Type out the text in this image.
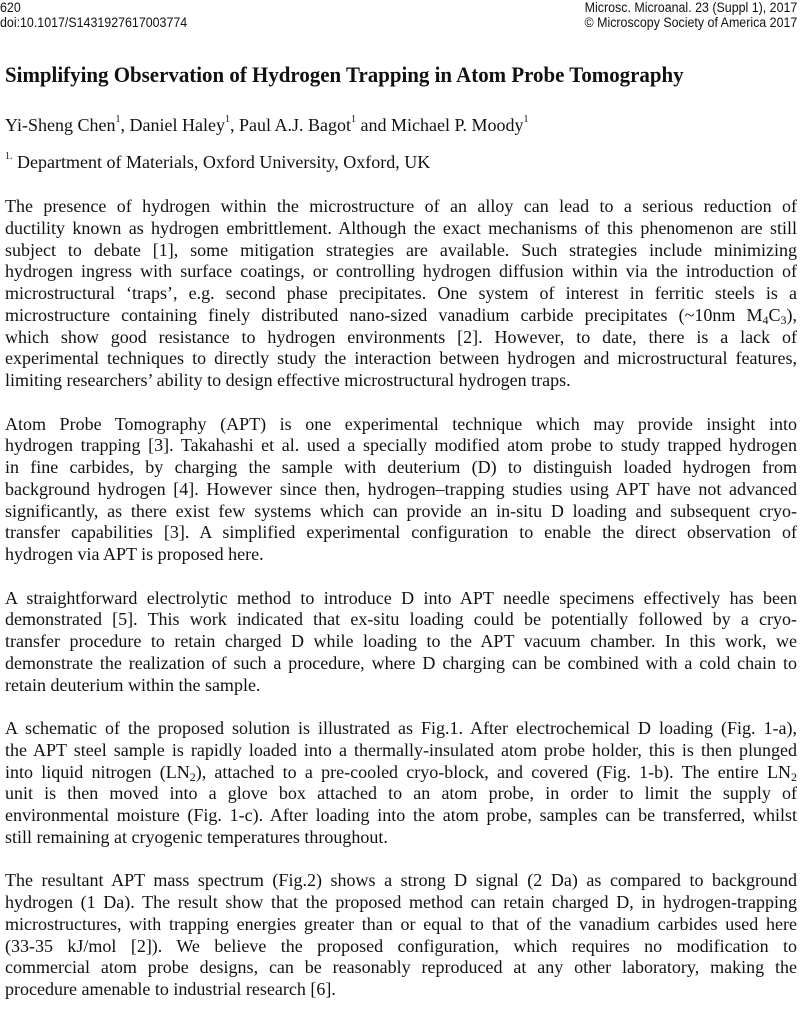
620
doi:10.1017/S1431927617003774
Microsc. Microanal. 23 (Suppl 1), 2017
© Microscopy Society of America 2017
Simplifying Observation of Hydrogen Trapping in Atom Probe Tomography
Yi-Sheng Chen$^1$, Daniel Haley$^1$, Paul A.J. Bagot$^1$ and Michael P. Moody$^1$
$^{1.}$ Department of Materials, Oxford University, Oxford, UK
The presence of hydrogen within the microstructure of an alloy can lead to a serious reduction of
ductility known as hydrogen embrittlement. Although the exact mechanisms of this phenomenon are still
subject to debate [1], some mitigation strategies are available. Such strategies include minimizing
hydrogen ingress with surface coatings, or controlling hydrogen diffusion within via the introduction of
microstructural ‘traps’, e.g. second phase precipitates. One system of interest in ferritic steels is a
microstructure containing finely distributed nano-sized vanadium carbide precipitates (~10nm $M_4C_3$),
which show good resistance to hydrogen environments [2]. However, to date, there is a lack of
experimental techniques to directly study the interaction between hydrogen and microstructural features,
limiting researchers’ ability to design effective microstructural hydrogen traps.
Atom Probe Tomography (APT) is one experimental technique which may provide insight into
hydrogen trapping [3]. Takahashi et al. used a specially modified atom probe to study trapped hydrogen
in fine carbides, by charging the sample with deuterium (D) to distinguish loaded hydrogen from
background hydrogen [4]. However since then, hydrogen–trapping studies using APT have not advanced
significantly, as there exist few systems which can provide an in-situ D loading and subsequent cryo-
transfer capabilities [3]. A simplified experimental configuration to enable the direct observation of
hydrogen via APT is proposed here.
A straightforward electrolytic method to introduce D into APT needle specimens effectively has been
demonstrated [5]. This work indicated that ex-situ loading could be potentially followed by a cryo-
transfer procedure to retain charged D while loading to the APT vacuum chamber. In this work, we
demonstrate the realization of such a procedure, where D charging can be combined with a cold chain to
retain deuterium within the sample.
A schematic of the proposed solution is illustrated as Fig.1. After electrochemical D loading (Fig. 1-a),
the APT steel sample is rapidly loaded into a thermally-insulated atom probe holder, this is then plunged
into liquid nitrogen $(LN_2)$, attached to a pre-cooled cryo-block, and covered (Fig. 1-b). The entire $LN_2$
unit is then moved into a glove box attached to an atom probe, in order to limit the supply of
environmental moisture (Fig. 1-c). After loading into the atom probe, samples can be transferred, whilst
still remaining at cryogenic temperatures throughout.
The resultant APT mass spectrum (Fig.2) shows a strong D signal (2 Da) as compared to background
hydrogen (1 Da). The result show that the proposed method can retain charged D, in hydrogen-trapping
microstructures, with trapping energies greater than or equal to that of the vanadium carbides used here
(33-35 kJ/mol [2]). We believe the proposed configuration, which requires no modification to
commercial atom probe designs, can be reasonably reproduced at any other laboratory, making the
procedure amenable to industrial research [6].
